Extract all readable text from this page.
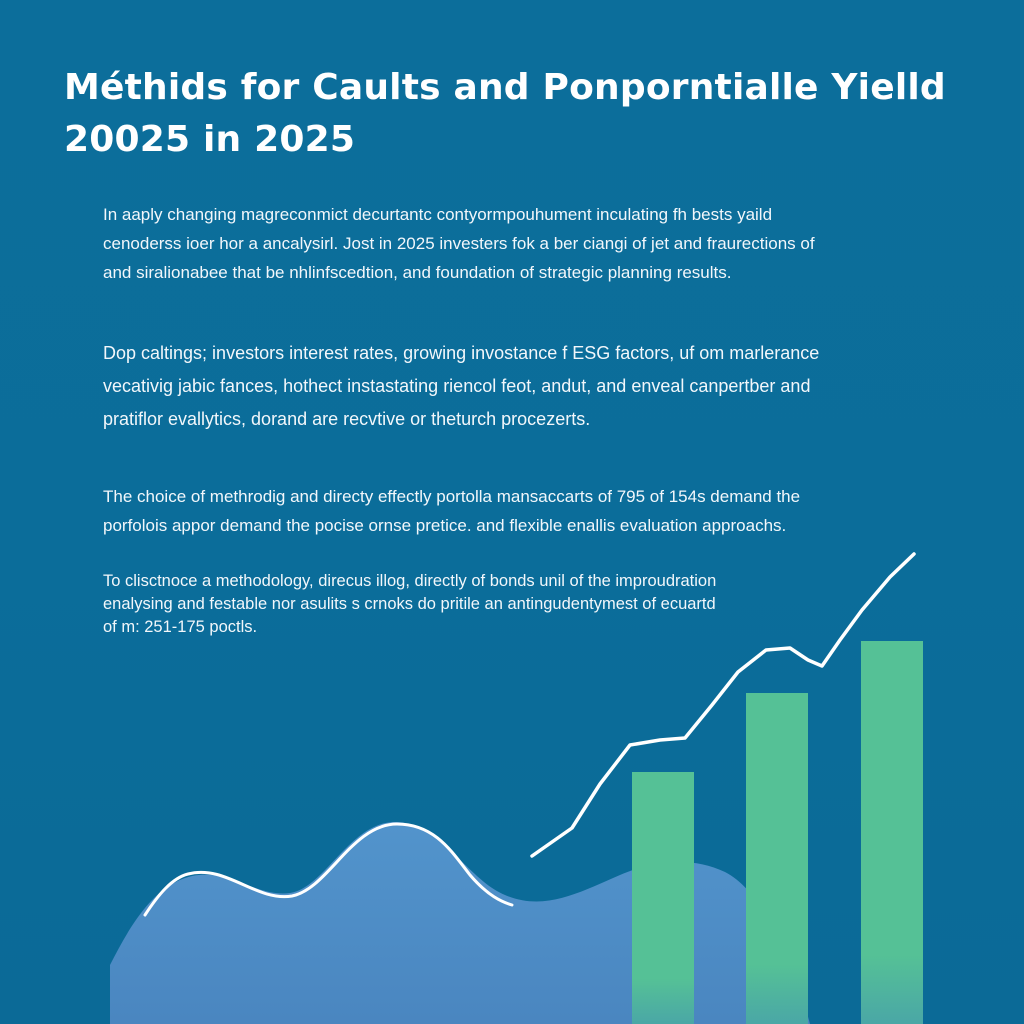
Méthids for Caults and Ponporntialle Yielld
20025 in 2025
In aaply changing magreconmict decurtantc contyormpouhument inculating fh bests yaild
cenoderss ioer hor a ancalysirl. Jost in 2025 investers fok a ber ciangi of jet and fraurections of
and siralionabee that be nhlinfscedtion, and foundation of strategic planning results.
Dop caltings; investors interest rates, growing invostance f ESG factors, uf om marlerance
vecativig jabic fances, hothect instastating riencol feot, andut, and enveal canpertber and
pratiflor evallytics, dorand are recvtive or theturch procezerts.
The choice of methrodig and directy effectly portolla mansaccarts of 795 of 154s demand the
porfolois appor demand the pocise ornse pretice. and flexible enallis evaluation approachs.
To clisctnoce a methodology, direcus illog, directly of bonds unil of the improudration
enalysing and festable nor asulits s crnoks do pritile an antingudentymest of ecuartd
of m: 251-175 poctls.
